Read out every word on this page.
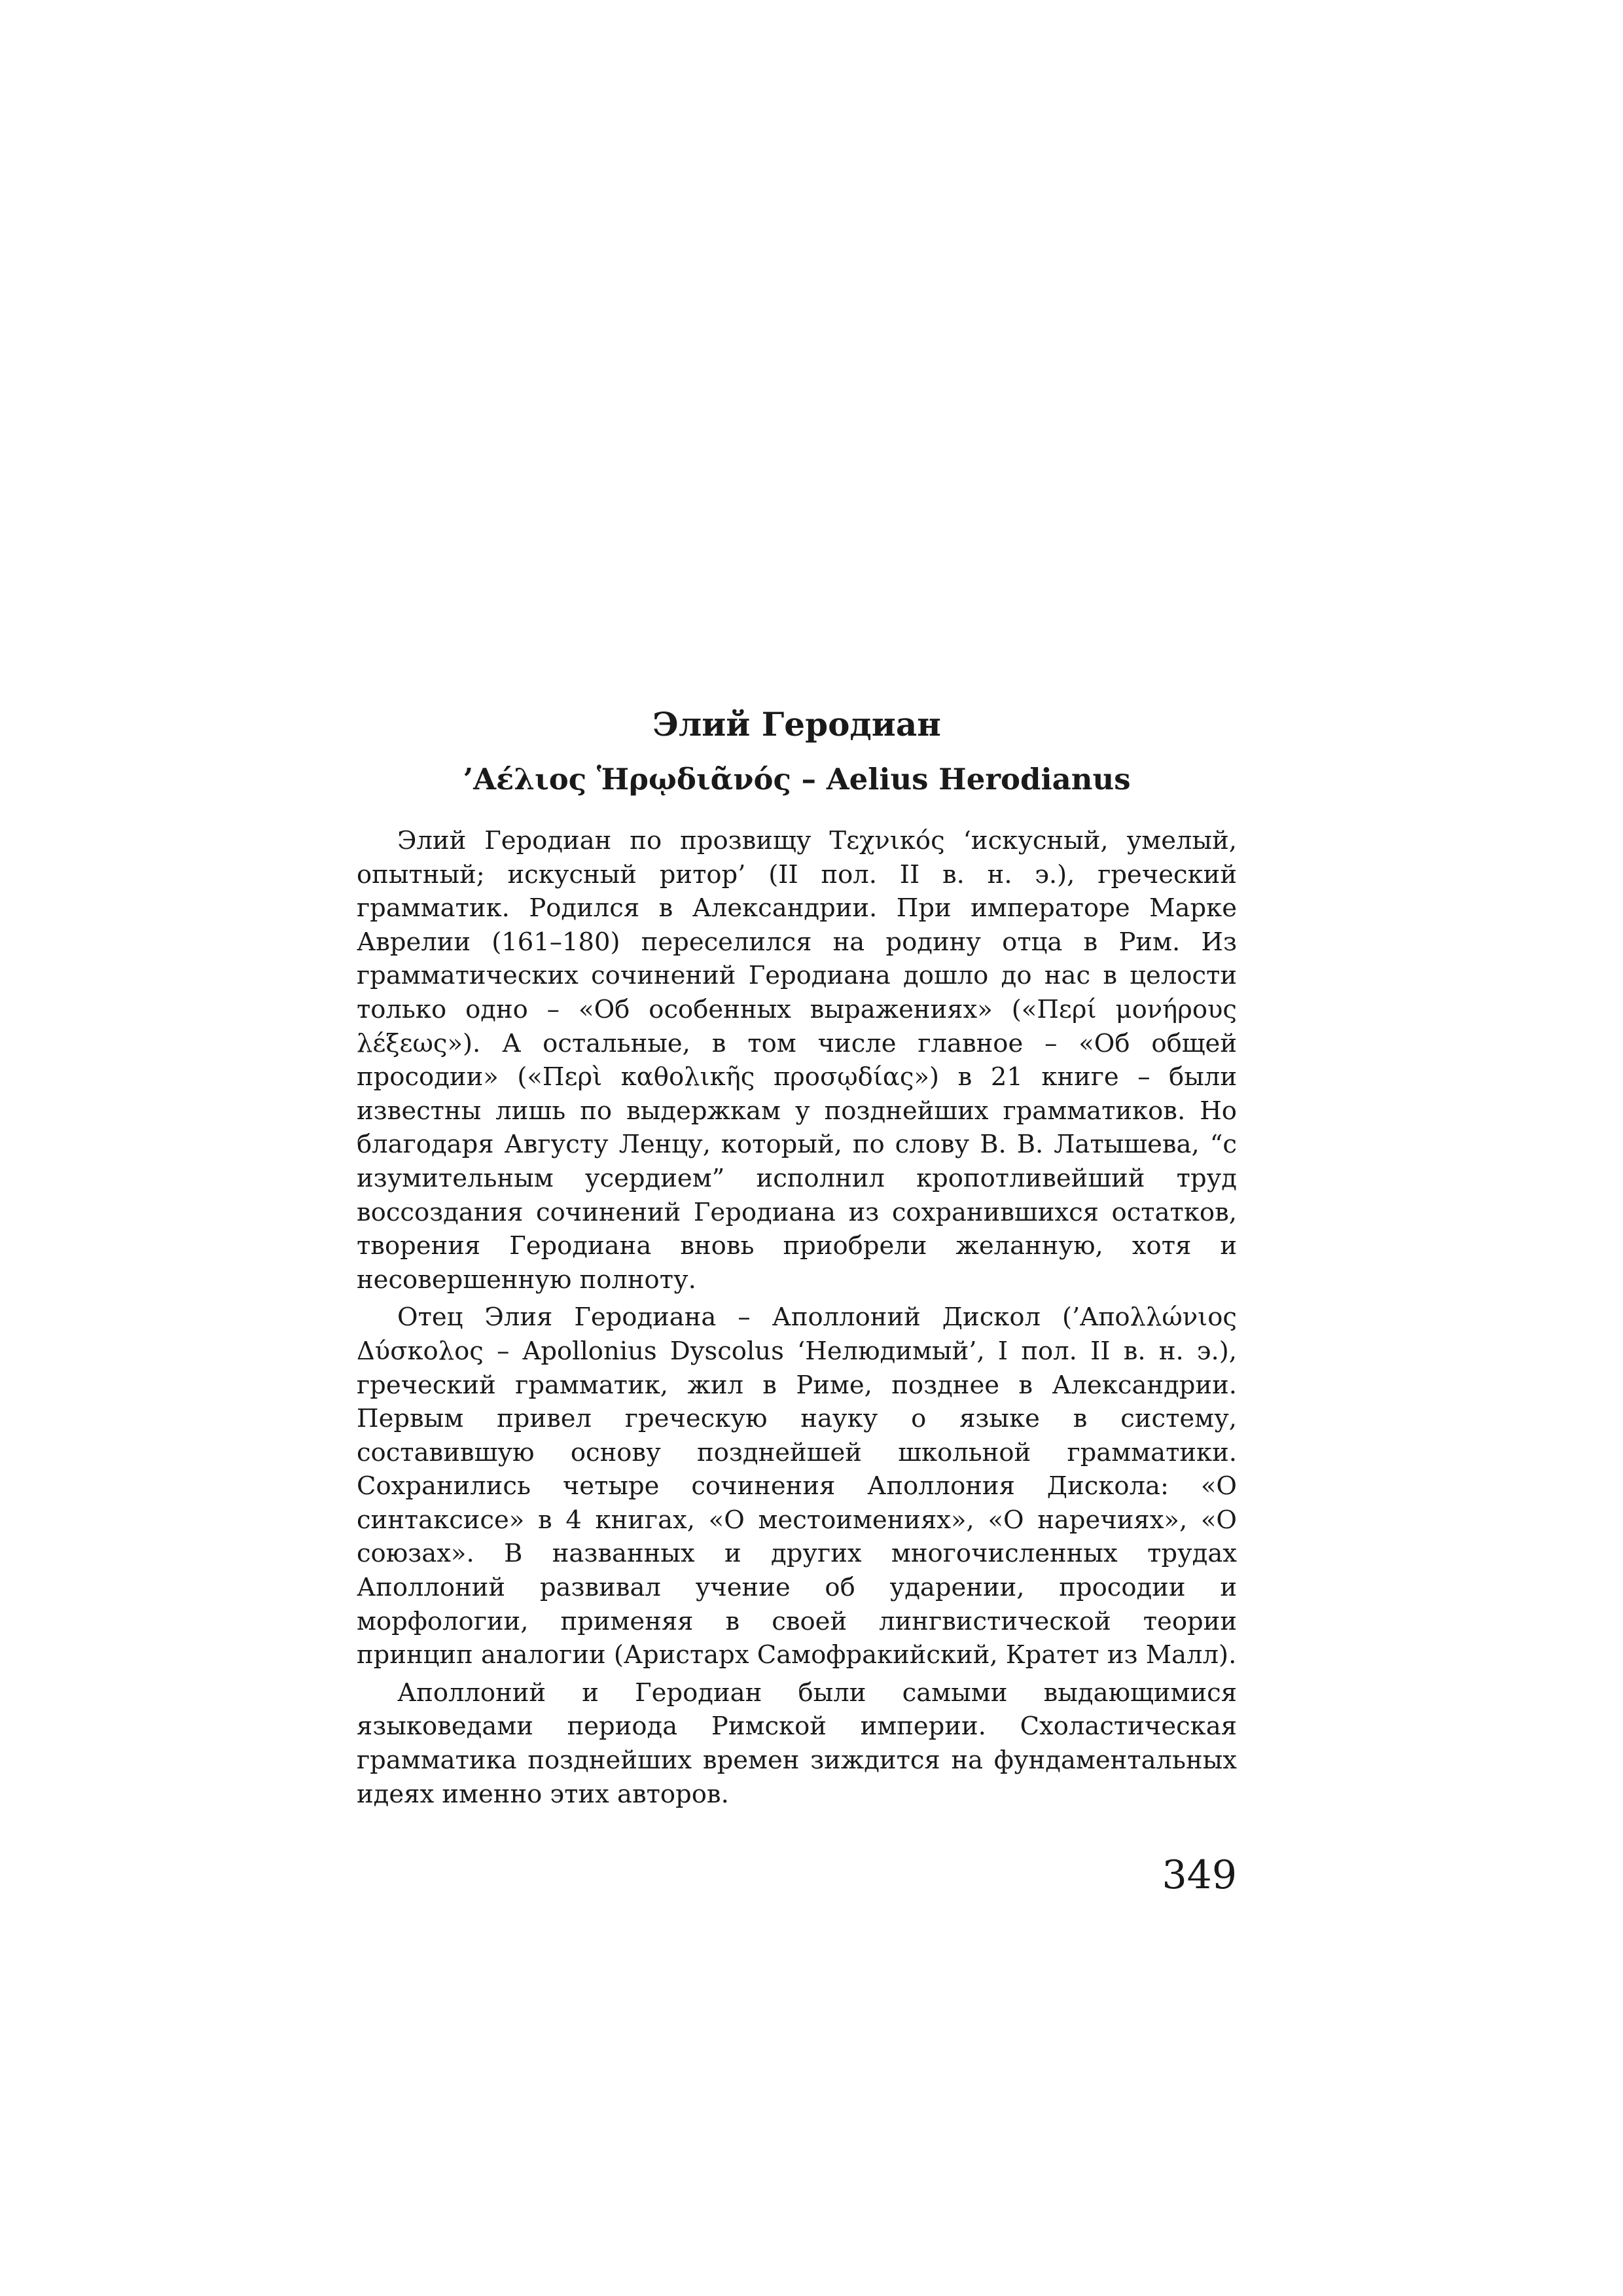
Элий Геродиан
’Αέλιος Ἡρῳδιᾶνός – Aelius Herodianus

Элий Геродиан по прозвищу Τεχνικός ‘искусный, умелый, опытный; искусный ритор’ (II пол. II в. н. э.), греческий грамматик. Родился в Александрии. При императоре Марке Аврелии (161–180) переселился на родину отца в Рим. Из грамматических сочинений Геродиана дошло до нас в целости только одно – «Об особенных выражениях» («Περί μονήρους λέξεως»). А остальные, в том числе главное – «Об общей просодии» («Περὶ καθολικῆς προσῳδίας») в 21 книге – были известны лишь по выдержкам у позднейших грамматиков. Но благодаря Августу Ленцу, который, по слову В. В. Латышева, “с изумительным усердием” исполнил кропотливейший труд воссоздания сочинений Геродиана из сохранившихся остатков, творения Геродиана вновь приобрели желанную, хотя и несовершенную полноту.

Отец Элия Геродиана – Аполлоний Дискол (’Απολλώνιος Δύσκολος – Apollonius Dyscolus ‘Нелюдимый’, I пол. II в. н. э.), греческий грамматик, жил в Риме, позднее в Александрии. Первым привел греческую науку о языке в систему, составившую основу позднейшей школьной грамматики. Сохранились четыре сочинения Аполлония Дискола: «О синтаксисе» в 4 книгах, «О местоимениях», «О наречиях», «О союзах». В названных и других многочисленных трудах Аполлоний развивал учение об ударении, просодии и морфологии, применяя в своей лингвистической теории принцип аналогии (Аристарх Самофракийский, Кратет из Малл).

Аполлоний и Геродиан были самыми выдающимися языковедами периода Римской империи. Схоластическая грамматика позднейших времен зиждится на фундаментальных идеях именно этих авторов.

349
